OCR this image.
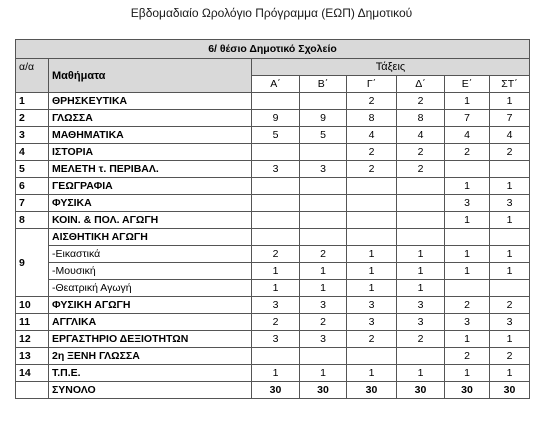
Εβδομαδιαίο Ωρολόγιο Πρόγραμμα (ΕΩΠ) Δημοτικού
6/ θέσιο Δημοτικό Σχολείο							
α/α	Μαθήματα	Τάξεις					
		Α΄	Β΄	Γ΄	Δ΄	Ε΄	ΣΤ΄
1	ΘΡΗΣΚΕΥΤΙΚΑ			2	2	1	1
2	ΓΛΩΣΣΑ	9	9	8	8	7	7
3	ΜΑΘΗΜΑΤΙΚΑ	5	5	4	4	4	4
4	ΙΣΤΟΡΙΑ			2	2	2	2
5	ΜΕΛΕΤΗ τ. ΠΕΡΙΒΑΛ.	3	3	2	2		
6	ΓΕΩΓΡΑΦΙΑ					1	1
7	ΦΥΣΙΚΑ					3	3
8	ΚΟΙΝ. & ΠΟΛ. ΑΓΩΓΗ					1	1
9	ΑΙΣΘΗΤΙΚΗ ΑΓΩΓΗ						
	-Εικαστικά	2	2	1	1	1	1
	-Μουσική	1	1	1	1	1	1
	-Θεατρική Αγωγή	1	1	1	1		
10	ΦΥΣΙΚΗ ΑΓΩΓΗ	3	3	3	3	2	2
11	ΑΓΓΛΙΚΑ	2	2	3	3	3	3
12	ΕΡΓΑΣΤΗΡΙΟ ΔΕΞΙΟΤΗΤΩΝ	3	3	2	2	1	1
13	2η ΞΕΝΗ ΓΛΩΣΣΑ					2	2
14	Τ.Π.Ε.	1	1	1	1	1	1
	ΣΥΝΟΛΟ	30	30	30	30	30	30
